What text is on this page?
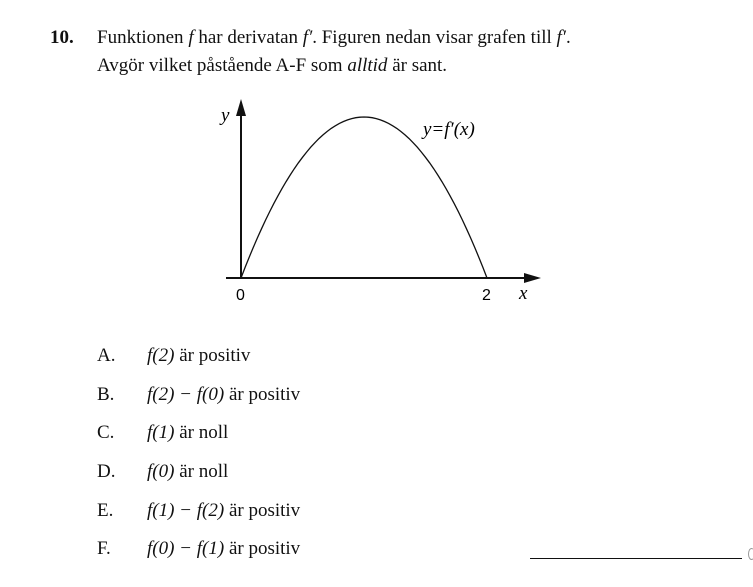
10. Funktionen f har derivatan f′. Figuren nedan visar grafen till f′.
Avgör vilket påstående A-F som alltid är sant.
y
x
y=f′(x)
0	2
A. f(2) är positiv
B. f(2) − f(0) är positiv
C. f(1) är noll
D. f(0) är noll
E. f(1) − f(2) är positiv
F. f(0) − f(1) är positiv
